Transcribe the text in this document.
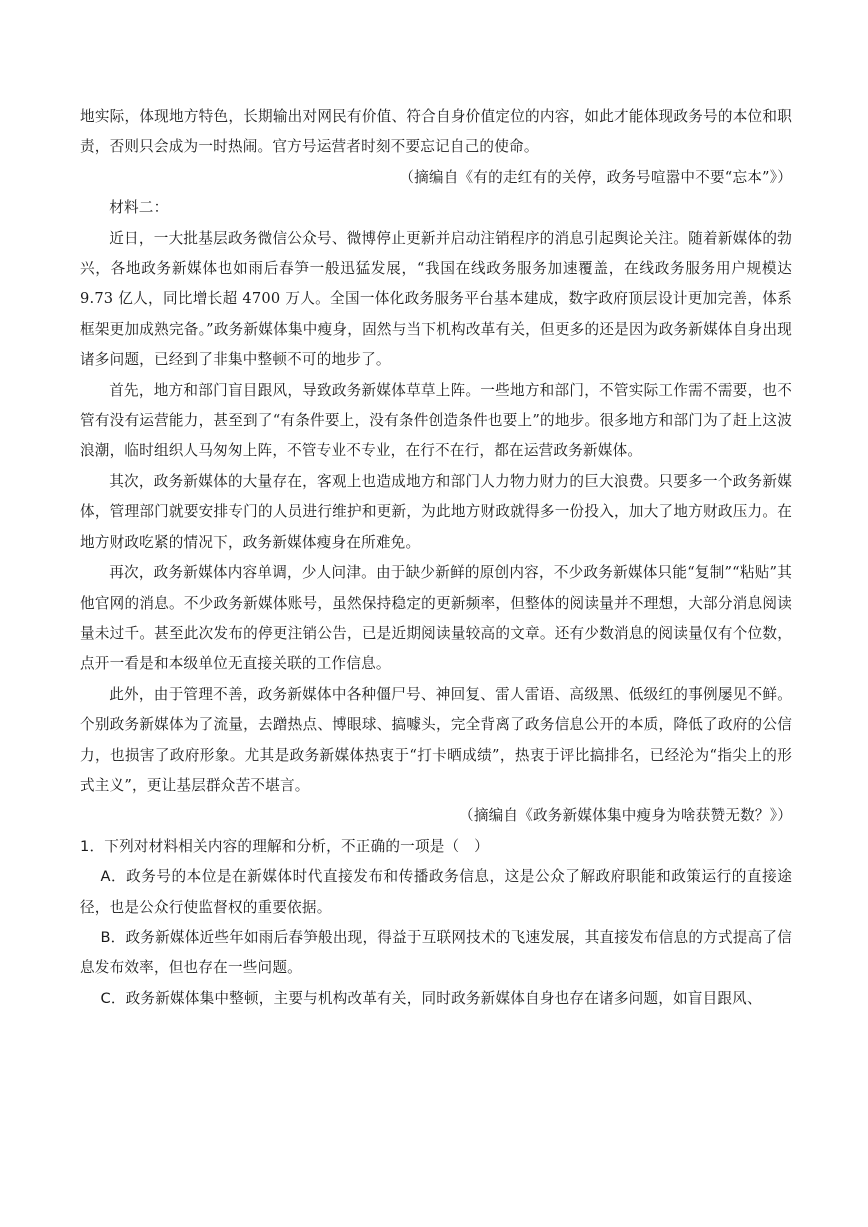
地实际，体现地方特色，长期输出对网民有价值、符合自身价值定位的内容，如此才能体现政务号的本位和职责，否则只会成为一时热闹。官方号运营者时刻不要忘记自己的使命。

（摘编自《有的走红有的关停，政务号喧嚣中不要“忘本”》）

材料二：

近日，一大批基层政务微信公众号、微博停止更新并启动注销程序的消息引起舆论关注。随着新媒体的勃兴，各地政务新媒体也如雨后春笋一般迅猛发展，“我国在线政务服务加速覆盖，在线政务服务用户规模达 9.73 亿人，同比增长超 4700 万人。全国一体化政务服务平台基本建成，数字政府顶层设计更加完善，体系框架更加成熟完备。”政务新媒体集中瘦身，固然与当下机构改革有关，但更多的还是因为政务新媒体自身出现诸多问题，已经到了非集中整顿不可的地步了。

首先，地方和部门盲目跟风，导致政务新媒体草草上阵。一些地方和部门，不管实际工作需不需要，也不管有没有运营能力，甚至到了“有条件要上，没有条件创造条件也要上”的地步。很多地方和部门为了赶上这波浪潮，临时组织人马匆匆上阵，不管专业不专业，在行不在行，都在运营政务新媒体。

其次，政务新媒体的大量存在，客观上也造成地方和部门人力物力财力的巨大浪费。只要多一个政务新媒体，管理部门就要安排专门的人员进行维护和更新，为此地方财政就得多一份投入，加大了地方财政压力。在地方财政吃紧的情况下，政务新媒体瘦身在所难免。

再次，政务新媒体内容单调，少人问津。由于缺少新鲜的原创内容，不少政务新媒体只能“复制”“粘贴”其他官网的消息。不少政务新媒体账号，虽然保持稳定的更新频率，但整体的阅读量并不理想，大部分消息阅读量未过千。甚至此次发布的停更注销公告，已是近期阅读量较高的文章。还有少数消息的阅读量仅有个位数，点开一看是和本级单位无直接关联的工作信息。

此外，由于管理不善，政务新媒体中各种僵尸号、神回复、雷人雷语、高级黑、低级红的事例屡见不鲜。个别政务新媒体为了流量，去蹭热点、博眼球、搞噱头，完全背离了政务信息公开的本质，降低了政府的公信力，也损害了政府形象。尤其是政务新媒体热衷于“打卡晒成绩”，热衷于评比搞排名，已经沦为“指尖上的形式主义”，更让基层群众苦不堪言。

（摘编自《政务新媒体集中瘦身为啥获赞无数？》）

1．下列对材料相关内容的理解和分析，不正确的一项是（　）

A．政务号的本位是在新媒体时代直接发布和传播政务信息，这是公众了解政府职能和政策运行的直接途径，也是公众行使监督权的重要依据。

B．政务新媒体近些年如雨后春笋般出现，得益于互联网技术的飞速发展，其直接发布信息的方式提高了信息发布效率，但也存在一些问题。

C．政务新媒体集中整顿，主要与机构改革有关，同时政务新媒体自身也存在诸多问题，如盲目跟风、
